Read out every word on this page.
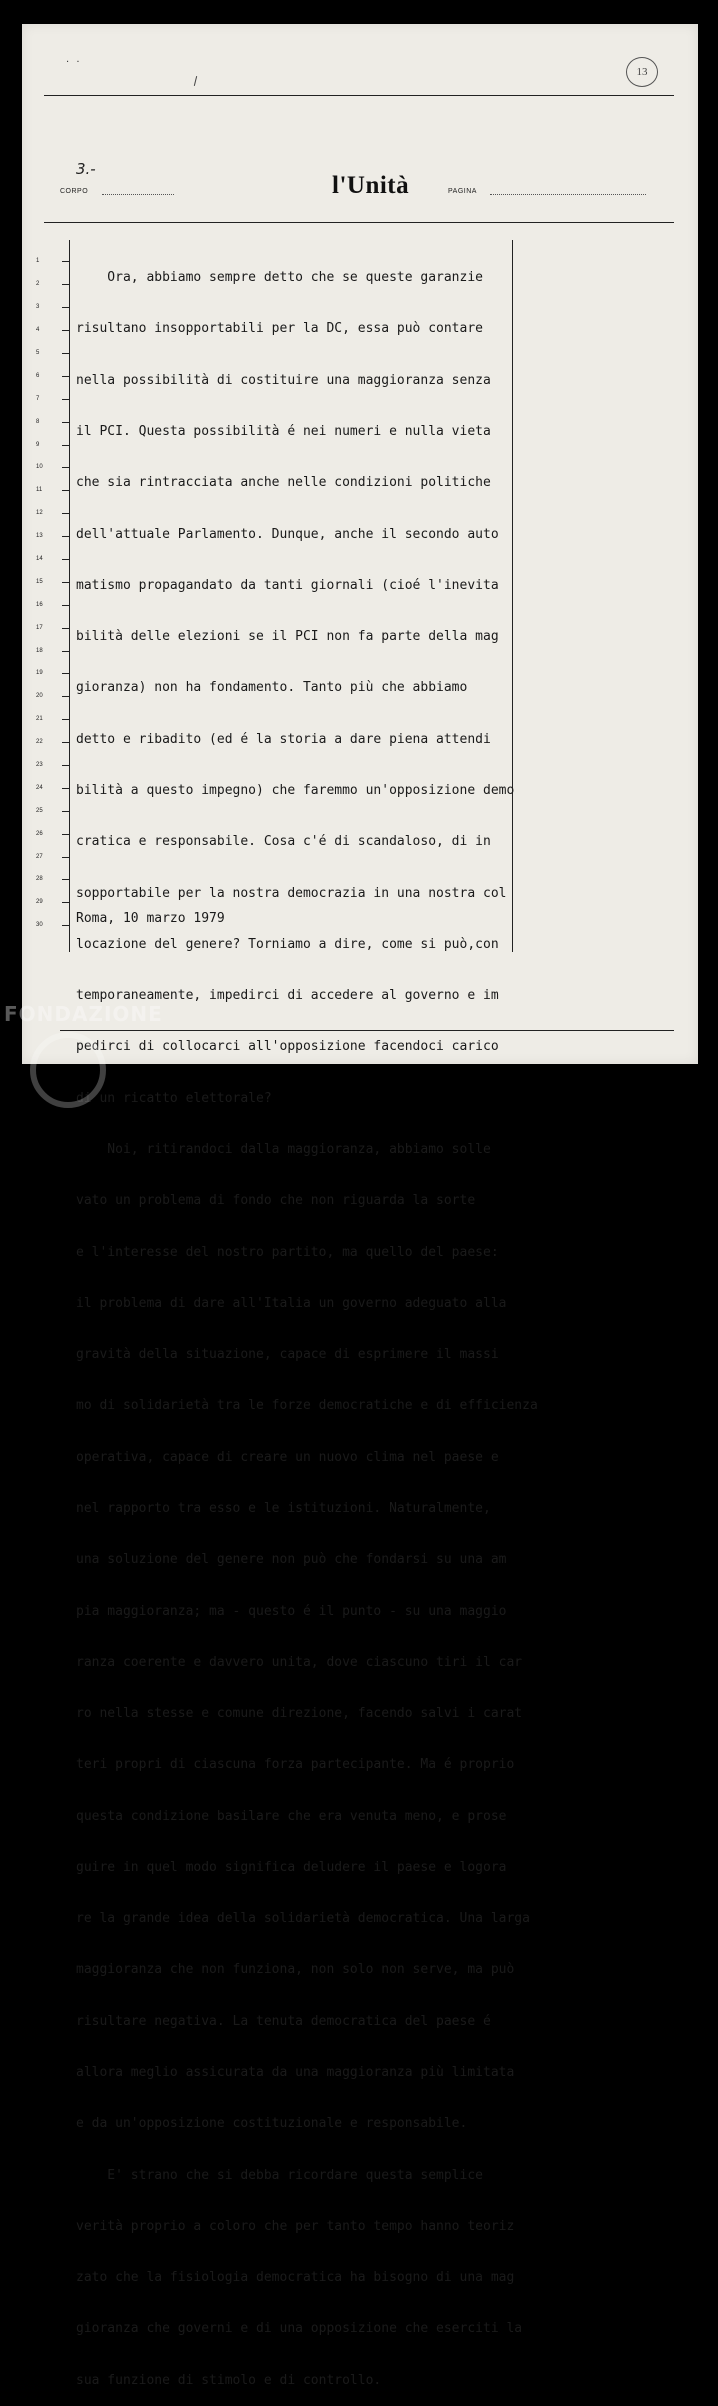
. .
13
3.-
CORPO	l'Unità	PAGINA
1
2
3
4
5
6
7
8
9
10
11
12
13
14
15
16
17
18
19
20
21
22
23
24
25
26
27
28
29
30

Ora, abbiamo sempre detto che se queste garanzie

risultano insopportabili per la DC, essa può contare

nella possibilità di costituire una maggioranza senza

il PCI. Questa possibilità é nei numeri e nulla vieta

che sia rintracciata anche nelle condizioni politiche

dell'attuale Parlamento. Dunque, anche il secondo auto

matismo propagandato da tanti giornali (cioé l'inevita

bilità delle elezioni se il PCI non fa parte della mag

gioranza) non ha fondamento. Tanto più che abbiamo

detto e ribadito (ed é la storia a dare piena attendi

bilità a questo impegno) che faremmo un'opposizione demo

cratica e responsabile. Cosa c'é di scandaloso, di in

sopportabile per la nostra democrazia in una nostra col

locazione del genere? Torniamo a dire, come si può,con

temporaneamente, impedirci di accedere al governo e im

pedirci di collocarci all'opposizione facendoci carico

di un ricatto elettorale?

Noi, ritirandoci dalla maggioranza, abbiamo solle

vato un problema di fondo che non riguarda la sorte

e l'interesse del nostro partito, ma quello del paese:

il problema di dare all'Italia un governo adeguato alla

gravità della situazione, capace di esprimere il massi

mo di solidarietà tra le forze democratiche e di efficienza

operativa, capace di creare un nuovo clima nel paese e

nel rapporto tra esso e le istituzioni. Naturalmente,

una soluzione del genere non può che fondarsi su una am

pia maggioranza; ma - questo é il punto - su una maggio

ranza coerente e davvero unita, dove ciascuno tiri il car

ro nella stesse e comune direzione, facendo salvi i carat

teri propri di ciascuna forza partecipante. Ma é proprio

questa condizione basilare che era venuta meno, e prose

guire in quel modo significa deludere il paese e logora

re la grande idea della solidarietà democratica. Una larga

maggioranza che non funziona, non solo non serve, ma può

risultare negativa. La tenuta democratica del paese é

allora meglio assicurata da una maggioranza più limitata

e da un'opposizione costituzionale e responsabile.

E' strano che si debba ricordare questa semplice

verità proprio a coloro che per tanto tempo hanno teoriz

zato che la fisiologia democratica ha bisogno di una mag

gioranza che governi e di una opposizione che eserciti la

sua funzione di stimolo e di controllo.

Roma, 10 marzo 1979
FONDAZIONE
